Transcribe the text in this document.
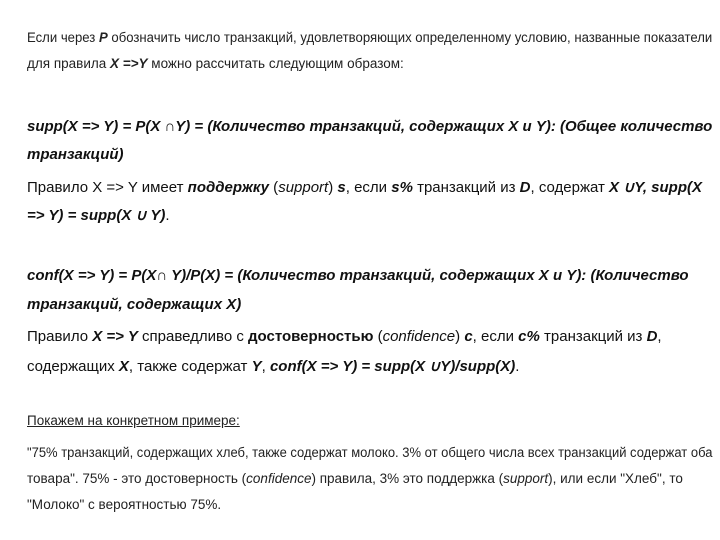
Если через P обозначить число транзакций, удовлетворяющих определенному условию, названные показатели
для правила X =>Y можно рассчитать следующим образом:
supp(X => Y) = P(X ∩Y) = (Количество транзакций, содержащих X и Y): (Общее количество
транзакций)
Правило X => Y имеет поддержку (support) s, если s% транзакций из D, содержат X ∪Y, supp(X
=> Y) = supp(X ∪ Y).
conf(X => Y) = P(X∩ Y)/P(X) = (Количество транзакций, содержащих X и Y): (Количество
транзакций, содержащих X)
Правило X => Y справедливо с достоверностью (confidence) c, если c% транзакций из D,
содержащих X, также содержат Y, conf(X => Y) = supp(X ∪Y)/supp(X).
Покажем на конкретном примере:
"75% транзакций, содержащих хлеб, также содержат молоко. 3% от общего числа всех транзакций содержат оба
товара". 75% - это достоверность (confidence) правила, 3% это поддержка (support), или если "Хлеб", то
"Молоко" с вероятностью 75%.
